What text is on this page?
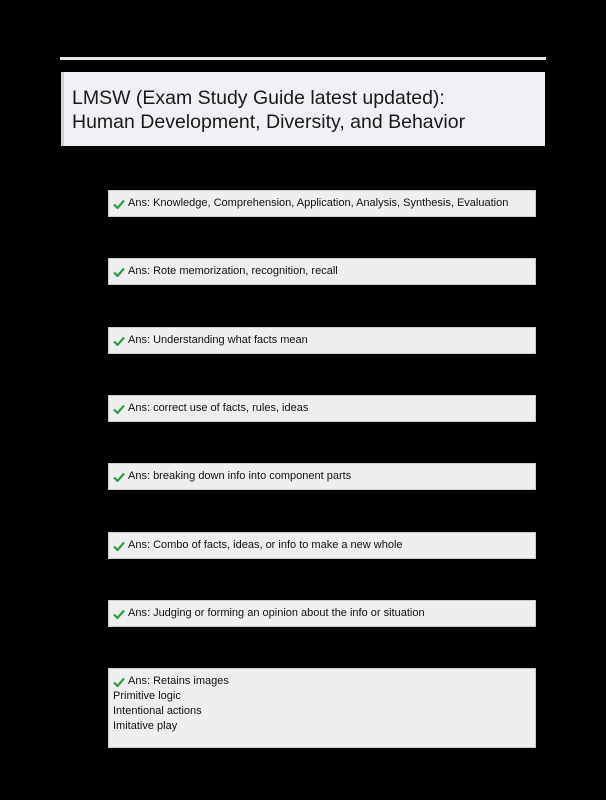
LMSW (Exam Study Guide latest updated):
Human Development, Diversity, and Behavior
Ans: Knowledge, Comprehension, Application, Analysis, Synthesis, Evaluation
Ans: Rote memorization, recognition, recall
Ans: Understanding what facts mean
Ans: correct use of facts, rules, ideas
Ans: breaking down info into component parts
Ans: Combo of facts, ideas, or info to make a new whole
Ans: Judging or forming an opinion about the info or situation
Ans: Retains images
Primitive logic
Intentional actions
Imitative play
